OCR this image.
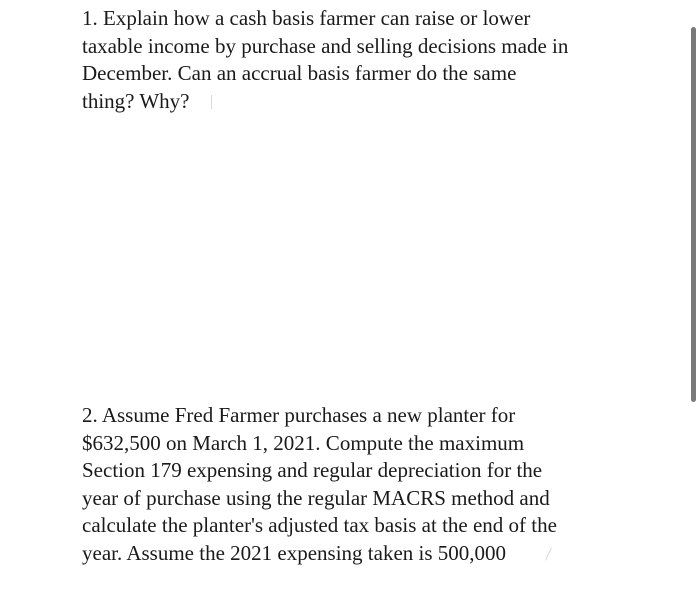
1. Explain how a cash basis farmer can raise or lower
taxable income by purchase and selling decisions made in
December. Can an accrual basis farmer do the same
thing? Why?

2. Assume Fred Farmer purchases a new planter for
$632,500 on March 1, 2021. Compute the maximum
Section 179 expensing and regular depreciation for the
year of purchase using the regular MACRS method and
calculate the planter's adjusted tax basis at the end of the
year. Assume the 2021 expensing taken is 500,000
